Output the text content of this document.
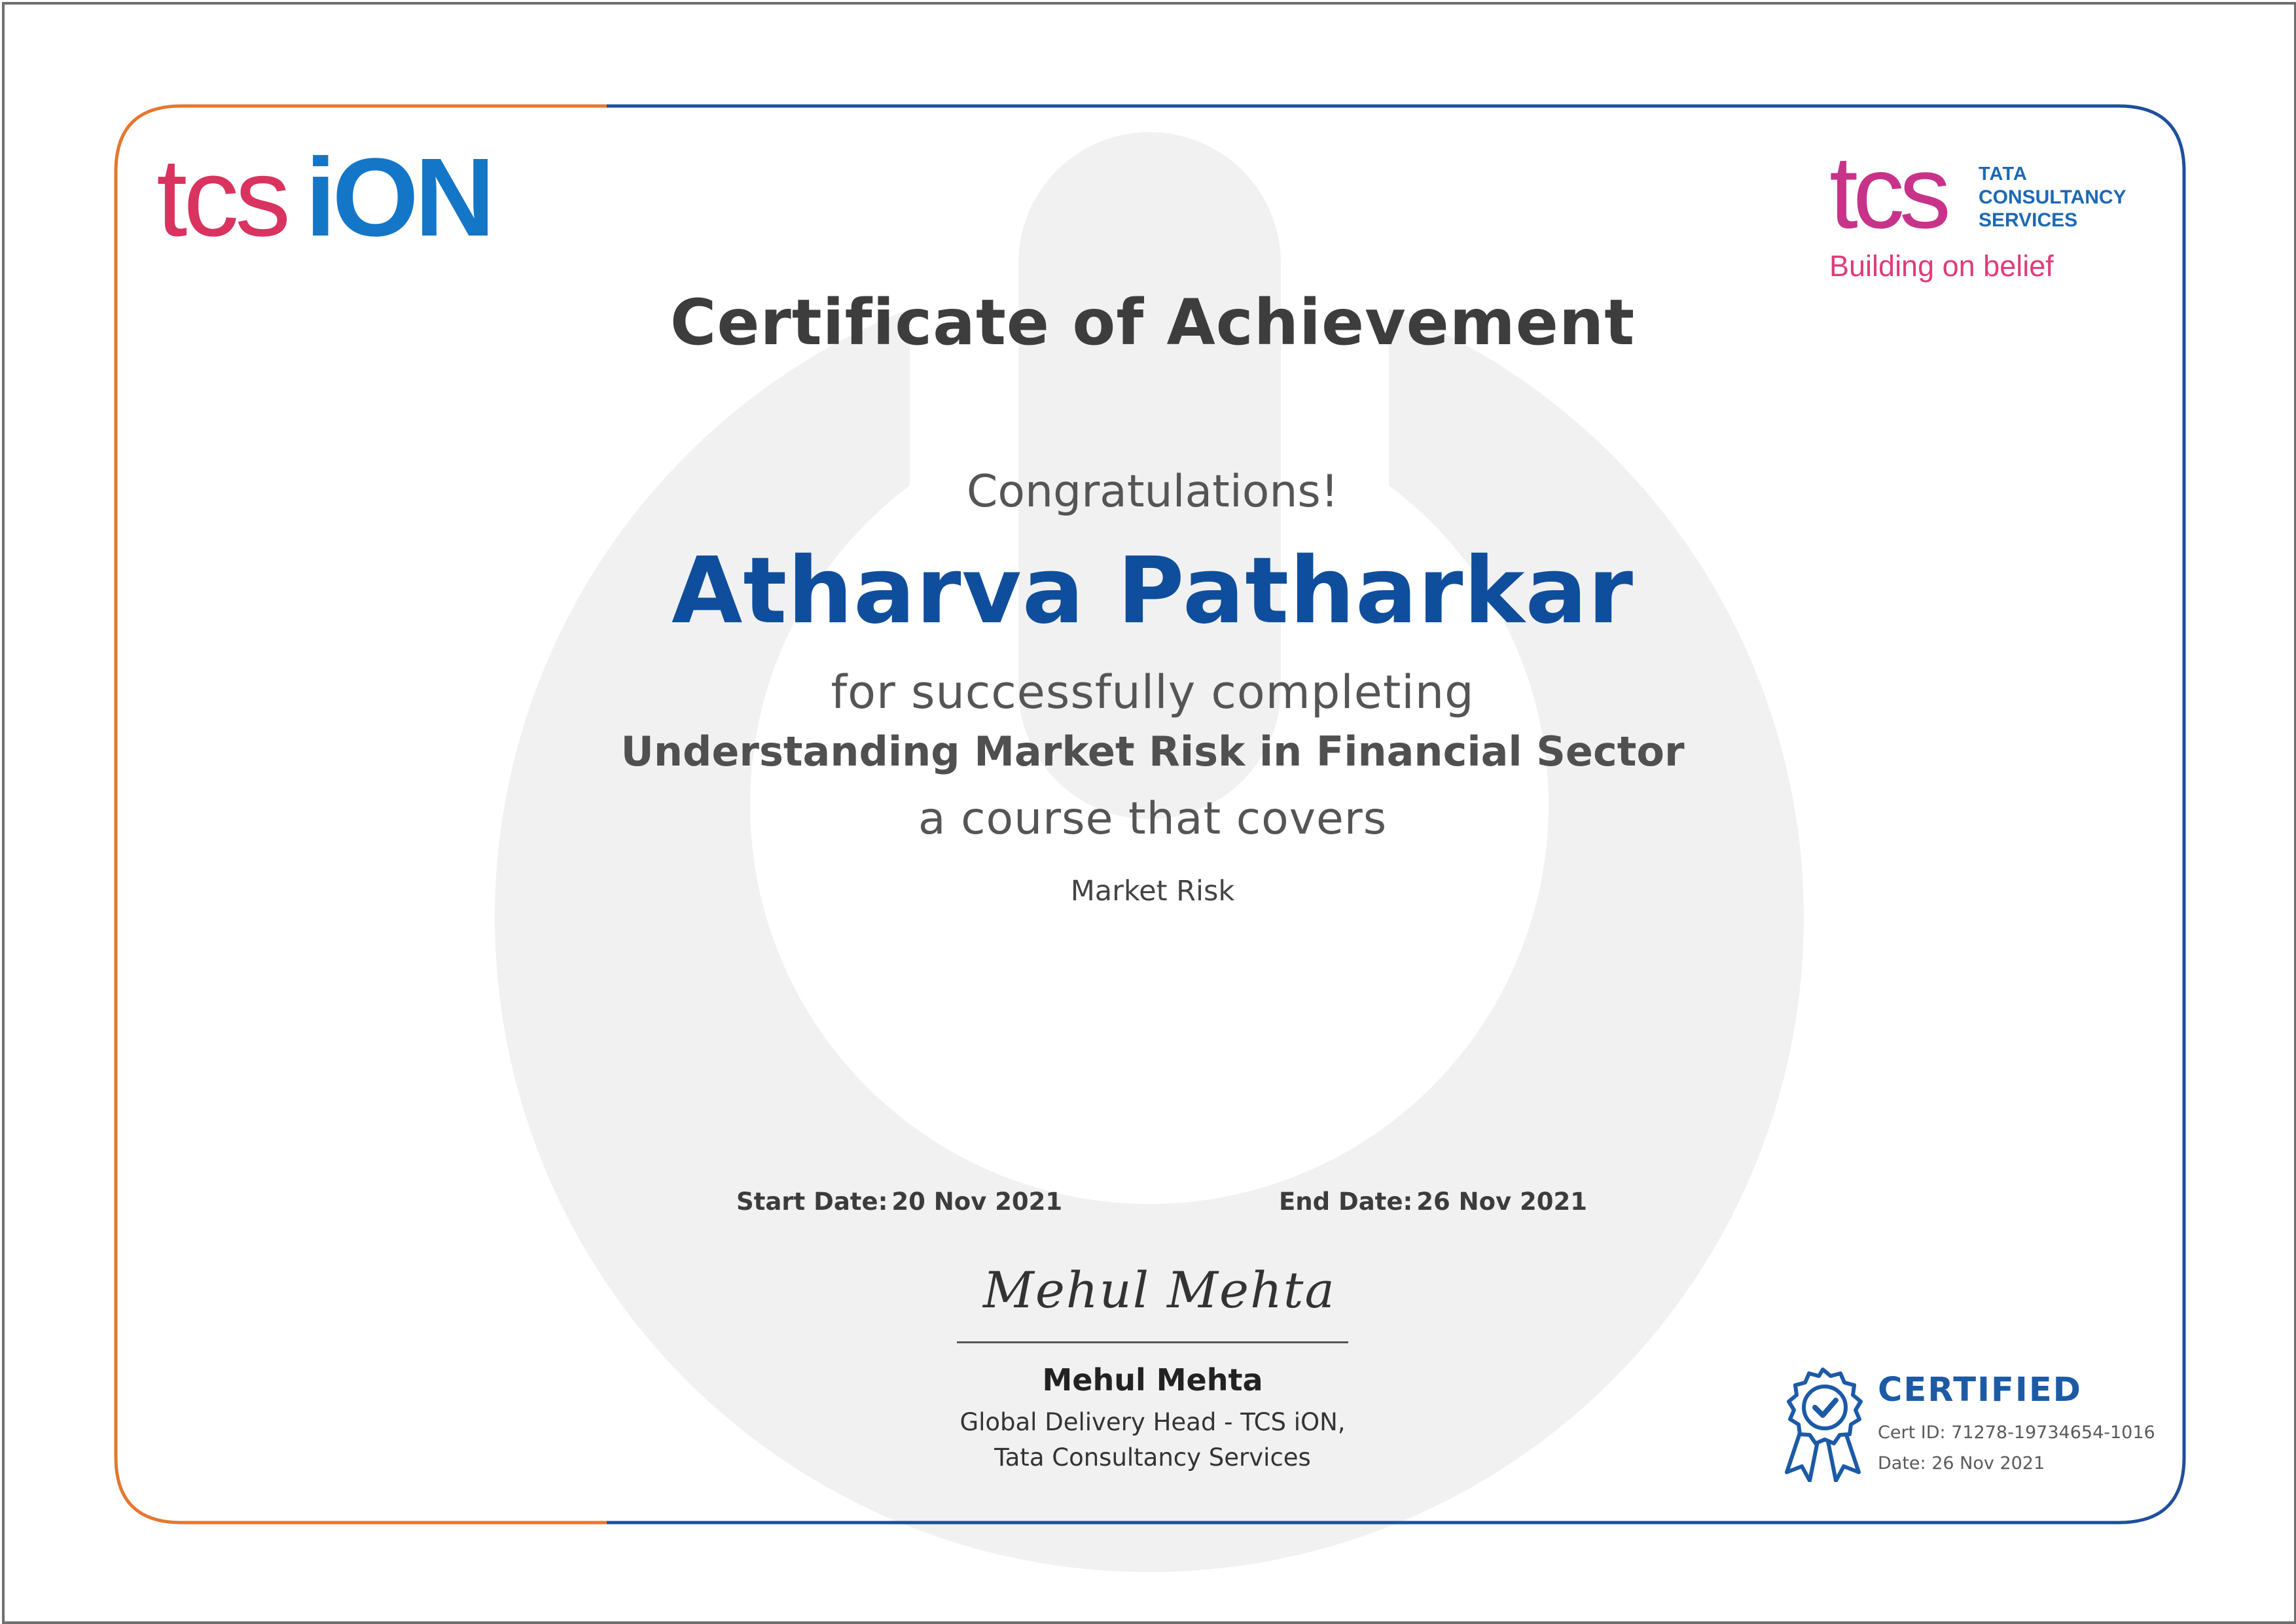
tcs iON	tcs TATA
CONSULTANCY
SERVICES
Building on belief
Certificate of Achievement
Congratulations!
Atharva Patharkar
for successfully completing
Understanding Market Risk in Financial Sector
a course that covers
Market Risk
Start Date: 20 Nov 2021	End Date: 26 Nov 2021
Mehul Mehta
Mehul Mehta
Global Delivery Head - TCS iON,
Tata Consultancy Services
CERTIFIED
Cert ID: 71278-19734654-1016
Date: 26 Nov 2021
